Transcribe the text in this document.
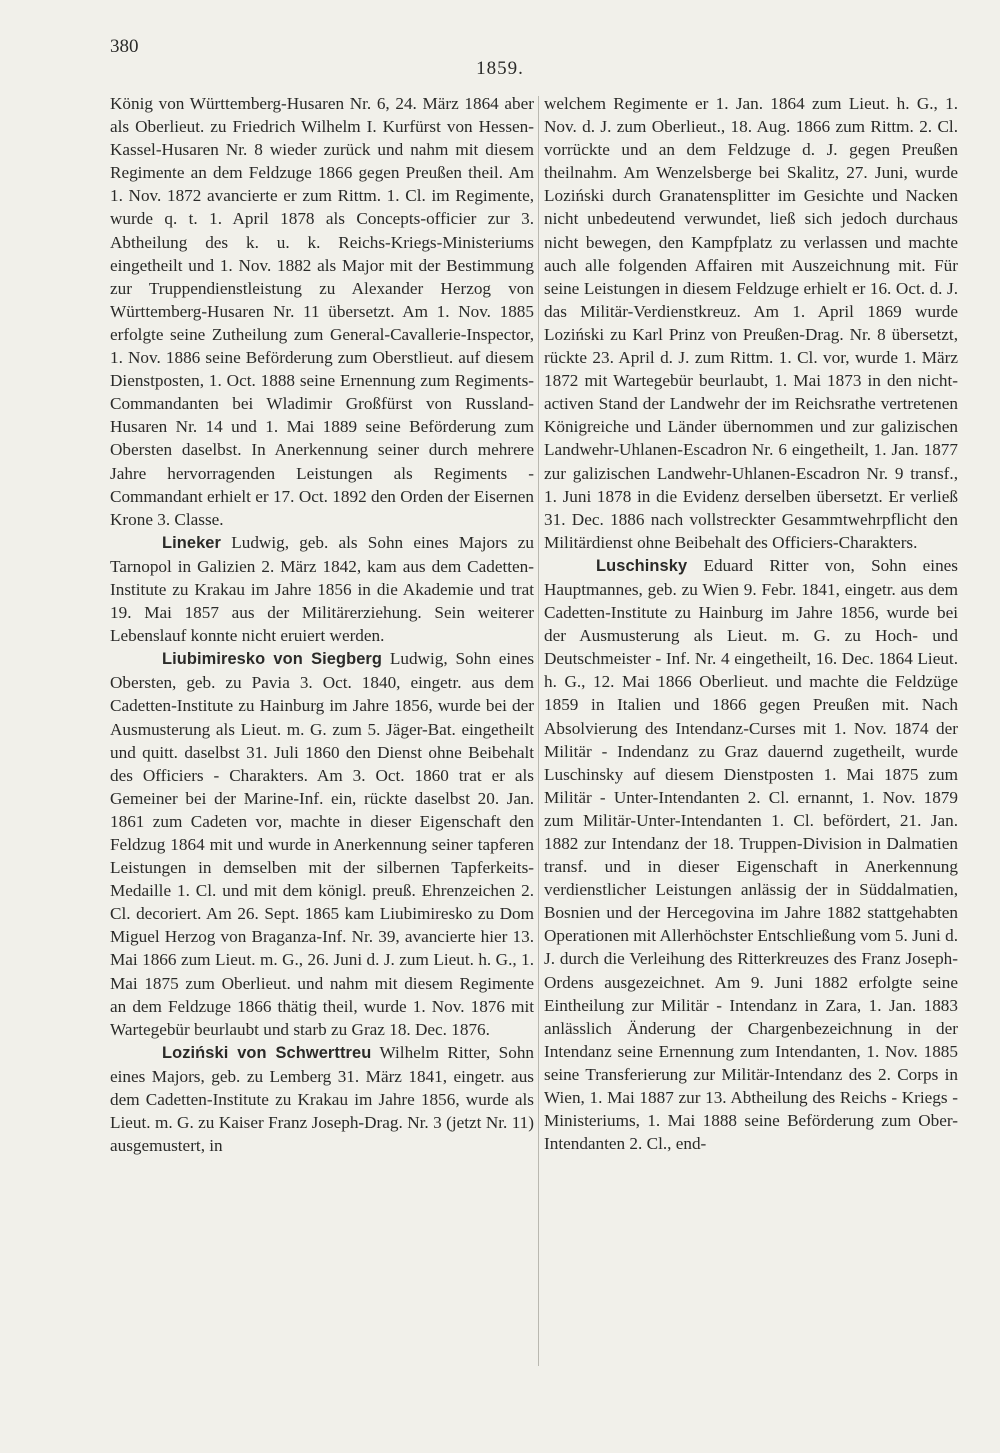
380
1859.

König von Württemberg-Husaren Nr. 6, 24. März 1864 aber als Oberlieut. zu Friedrich Wilhelm I. Kurfürst von Hessen-Kassel-Husaren Nr. 8 wieder zurück und nahm mit diesem Regimente an dem Feldzuge 1866 gegen Preußen theil. Am 1. Nov. 1872 avancierte er zum Rittm. 1. Cl. im Regimente, wurde q. t. 1. April 1878 als Concepts-officier zur 3. Abtheilung des k. u. k. Reichs-Kriegs-Ministeriums eingetheilt und 1. Nov. 1882 als Major mit der Bestimmung zur Truppendienstleistung zu Alexander Herzog von Württemberg-Husaren Nr. 11 übersetzt. Am 1. Nov. 1885 erfolgte seine Zutheilung zum General-Cavallerie-Inspector, 1. Nov. 1886 seine Beförderung zum Oberstlieut. auf diesem Dienstposten, 1. Oct. 1888 seine Ernennung zum Regiments-Commandanten bei Wladimir Großfürst von Russland-Husaren Nr. 14 und 1. Mai 1889 seine Beförderung zum Obersten daselbst. In Anerkennung seiner durch mehrere Jahre hervorragenden Leistungen als Regiments - Commandant erhielt er 17. Oct. 1892 den Orden der Eisernen Krone 3. Classe.

Lineker Ludwig, geb. als Sohn eines Majors zu Tarnopol in Galizien 2. März 1842, kam aus dem Cadetten-Institute zu Krakau im Jahre 1856 in die Akademie und trat 19. Mai 1857 aus der Militärerziehung. Sein weiterer Lebenslauf konnte nicht eruiert werden.

Liubimiresko von Siegberg Ludwig, Sohn eines Obersten, geb. zu Pavia 3. Oct. 1840, eingetr. aus dem Cadetten-Institute zu Hainburg im Jahre 1856, wurde bei der Ausmusterung als Lieut. m. G. zum 5. Jäger-Bat. eingetheilt und quitt. daselbst 31. Juli 1860 den Dienst ohne Beibehalt des Officiers - Charakters. Am 3. Oct. 1860 trat er als Gemeiner bei der Marine-Inf. ein, rückte daselbst 20. Jan. 1861 zum Cadeten vor, machte in dieser Eigenschaft den Feldzug 1864 mit und wurde in Anerkennung seiner tapferen Leistungen in demselben mit der silbernen Tapferkeits-Medaille 1. Cl. und mit dem königl. preuß. Ehrenzeichen 2. Cl. decoriert. Am 26. Sept. 1865 kam Liubimiresko zu Dom Miguel Herzog von Braganza-Inf. Nr. 39, avancierte hier 13. Mai 1866 zum Lieut. m. G., 26. Juni d. J. zum Lieut. h. G., 1. Mai 1875 zum Oberlieut. und nahm mit diesem Regimente an dem Feldzuge 1866 thätig theil, wurde 1. Nov. 1876 mit Wartegebür beurlaubt und starb zu Graz 18. Dec. 1876.

Loziński von Schwerttreu Wilhelm Ritter, Sohn eines Majors, geb. zu Lemberg 31. März 1841, eingetr. aus dem Cadetten-Institute zu Krakau im Jahre 1856, wurde als Lieut. m. G. zu Kaiser Franz Joseph-Drag. Nr. 3 (jetzt Nr. 11) ausgemustert, in

welchem Regimente er 1. Jan. 1864 zum Lieut. h. G., 1. Nov. d. J. zum Oberlieut., 18. Aug. 1866 zum Rittm. 2. Cl. vorrückte und an dem Feldzuge d. J. gegen Preußen theilnahm. Am Wenzelsberge bei Skalitz, 27. Juni, wurde Loziński durch Granatensplitter im Gesichte und Nacken nicht unbedeutend verwundet, ließ sich jedoch durchaus nicht bewegen, den Kampfplatz zu verlassen und machte auch alle folgenden Affairen mit Auszeichnung mit. Für seine Leistungen in diesem Feldzuge erhielt er 16. Oct. d. J. das Militär-Verdienstkreuz. Am 1. April 1869 wurde Loziński zu Karl Prinz von Preußen-Drag. Nr. 8 übersetzt, rückte 23. April d. J. zum Rittm. 1. Cl. vor, wurde 1. März 1872 mit Wartegebür beurlaubt, 1. Mai 1873 in den nicht-activen Stand der Landwehr der im Reichsrathe vertretenen Königreiche und Länder übernommen und zur galizischen Landwehr-Uhlanen-Escadron Nr. 6 eingetheilt, 1. Jan. 1877 zur galizischen Landwehr-Uhlanen-Escadron Nr. 9 transf., 1. Juni 1878 in die Evidenz derselben übersetzt. Er verließ 31. Dec. 1886 nach vollstreckter Gesammtwehrpflicht den Militärdienst ohne Beibehalt des Officiers-Charakters.

Luschinsky Eduard Ritter von, Sohn eines Hauptmannes, geb. zu Wien 9. Febr. 1841, eingetr. aus dem Cadetten-Institute zu Hainburg im Jahre 1856, wurde bei der Ausmusterung als Lieut. m. G. zu Hoch- und Deutschmeister - Inf. Nr. 4 eingetheilt, 16. Dec. 1864 Lieut. h. G., 12. Mai 1866 Oberlieut. und machte die Feldzüge 1859 in Italien und 1866 gegen Preußen mit. Nach Absolvierung des Intendanz-Curses mit 1. Nov. 1874 der Militär - Indendanz zu Graz dauernd zugetheilt, wurde Luschinsky auf diesem Dienstposten 1. Mai 1875 zum Militär - Unter-Intendanten 2. Cl. ernannt, 1. Nov. 1879 zum Militär-Unter-Intendanten 1. Cl. befördert, 21. Jan. 1882 zur Intendanz der 18. Truppen-Division in Dalmatien transf. und in dieser Eigenschaft in Anerkennung verdienstlicher Leistungen anlässig der in Süddalmatien, Bosnien und der Hercegovina im Jahre 1882 stattgehabten Operationen mit Allerhöchster Entschließung vom 5. Juni d. J. durch die Verleihung des Ritterkreuzes des Franz Joseph-Ordens ausgezeichnet. Am 9. Juni 1882 erfolgte seine Eintheilung zur Militär - Intendanz in Zara, 1. Jan. 1883 anlässlich Änderung der Chargenbezeichnung in der Intendanz seine Ernennung zum Intendanten, 1. Nov. 1885 seine Transferierung zur Militär-Intendanz des 2. Corps in Wien, 1. Mai 1887 zur 13. Abtheilung des Reichs - Kriegs - Ministeriums, 1. Mai 1888 seine Beförderung zum Ober-Intendanten 2. Cl., end-
